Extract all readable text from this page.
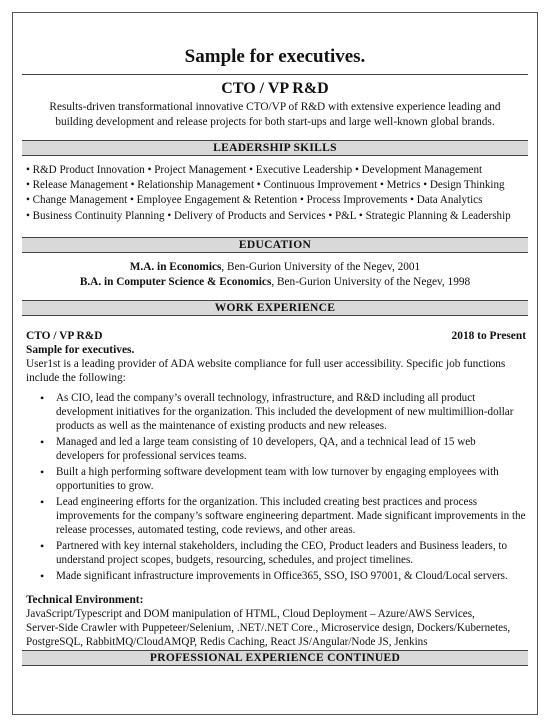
Sample for executives.
CTO / VP R&D
Results-driven transformational innovative CTO/VP of R&D with extensive experience leading and building development and release projects for both start-ups and large well-known global brands.
LEADERSHIP SKILLS
• R&D Product Innovation • Project Management • Executive Leadership • Development Management
• Release Management • Relationship Management • Continuous Improvement • Metrics • Design Thinking
• Change Management • Employee Engagement & Retention • Process Improvements • Data Analytics
• Business Continuity Planning • Delivery of Products and Services • P&L • Strategic Planning & Leadership
EDUCATION
M.A. in Economics, Ben-Gurion University of the Negev, 2001
B.A. in Computer Science & Economics, Ben-Gurion University of the Negev, 1998
WORK EXPERIENCE
CTO / VP R&D	2018 to Present
Sample for executives.
User1st is a leading provider of ADA website compliance for full user accessibility. Specific job functions include the following:
• As CIO, lead the company’s overall technology, infrastructure, and R&D including all product development initiatives for the organization. This included the development of new multimillion-dollar products as well as the maintenance of existing products and new releases.
• Managed and led a large team consisting of 10 developers, QA, and a technical lead of 15 web developers for professional services teams.
• Built a high performing software development team with low turnover by engaging employees with opportunities to grow.
• Lead engineering efforts for the organization. This included creating best practices and process improvements for the company’s software engineering department. Made significant improvements in the release processes, automated testing, code reviews, and other areas.
• Partnered with key internal stakeholders, including the CEO, Product leaders and Business leaders, to understand project scopes, budgets, resourcing, schedules, and project timelines.
• Made significant infrastructure improvements in Office365, SSO, ISO 97001, & Cloud/Local servers.
Technical Environment:
JavaScript/Typescript and DOM manipulation of HTML, Cloud Deployment – Azure/AWS Services,
Server-Side Crawler with Puppeteer/Selenium, .NET/.NET Core., Microservice design, Dockers/Kubernetes,
PostgreSQL, RabbitMQ/CloudAMQP, Redis Caching, React JS/Angular/Node JS, Jenkins
PROFESSIONAL EXPERIENCE CONTINUED
